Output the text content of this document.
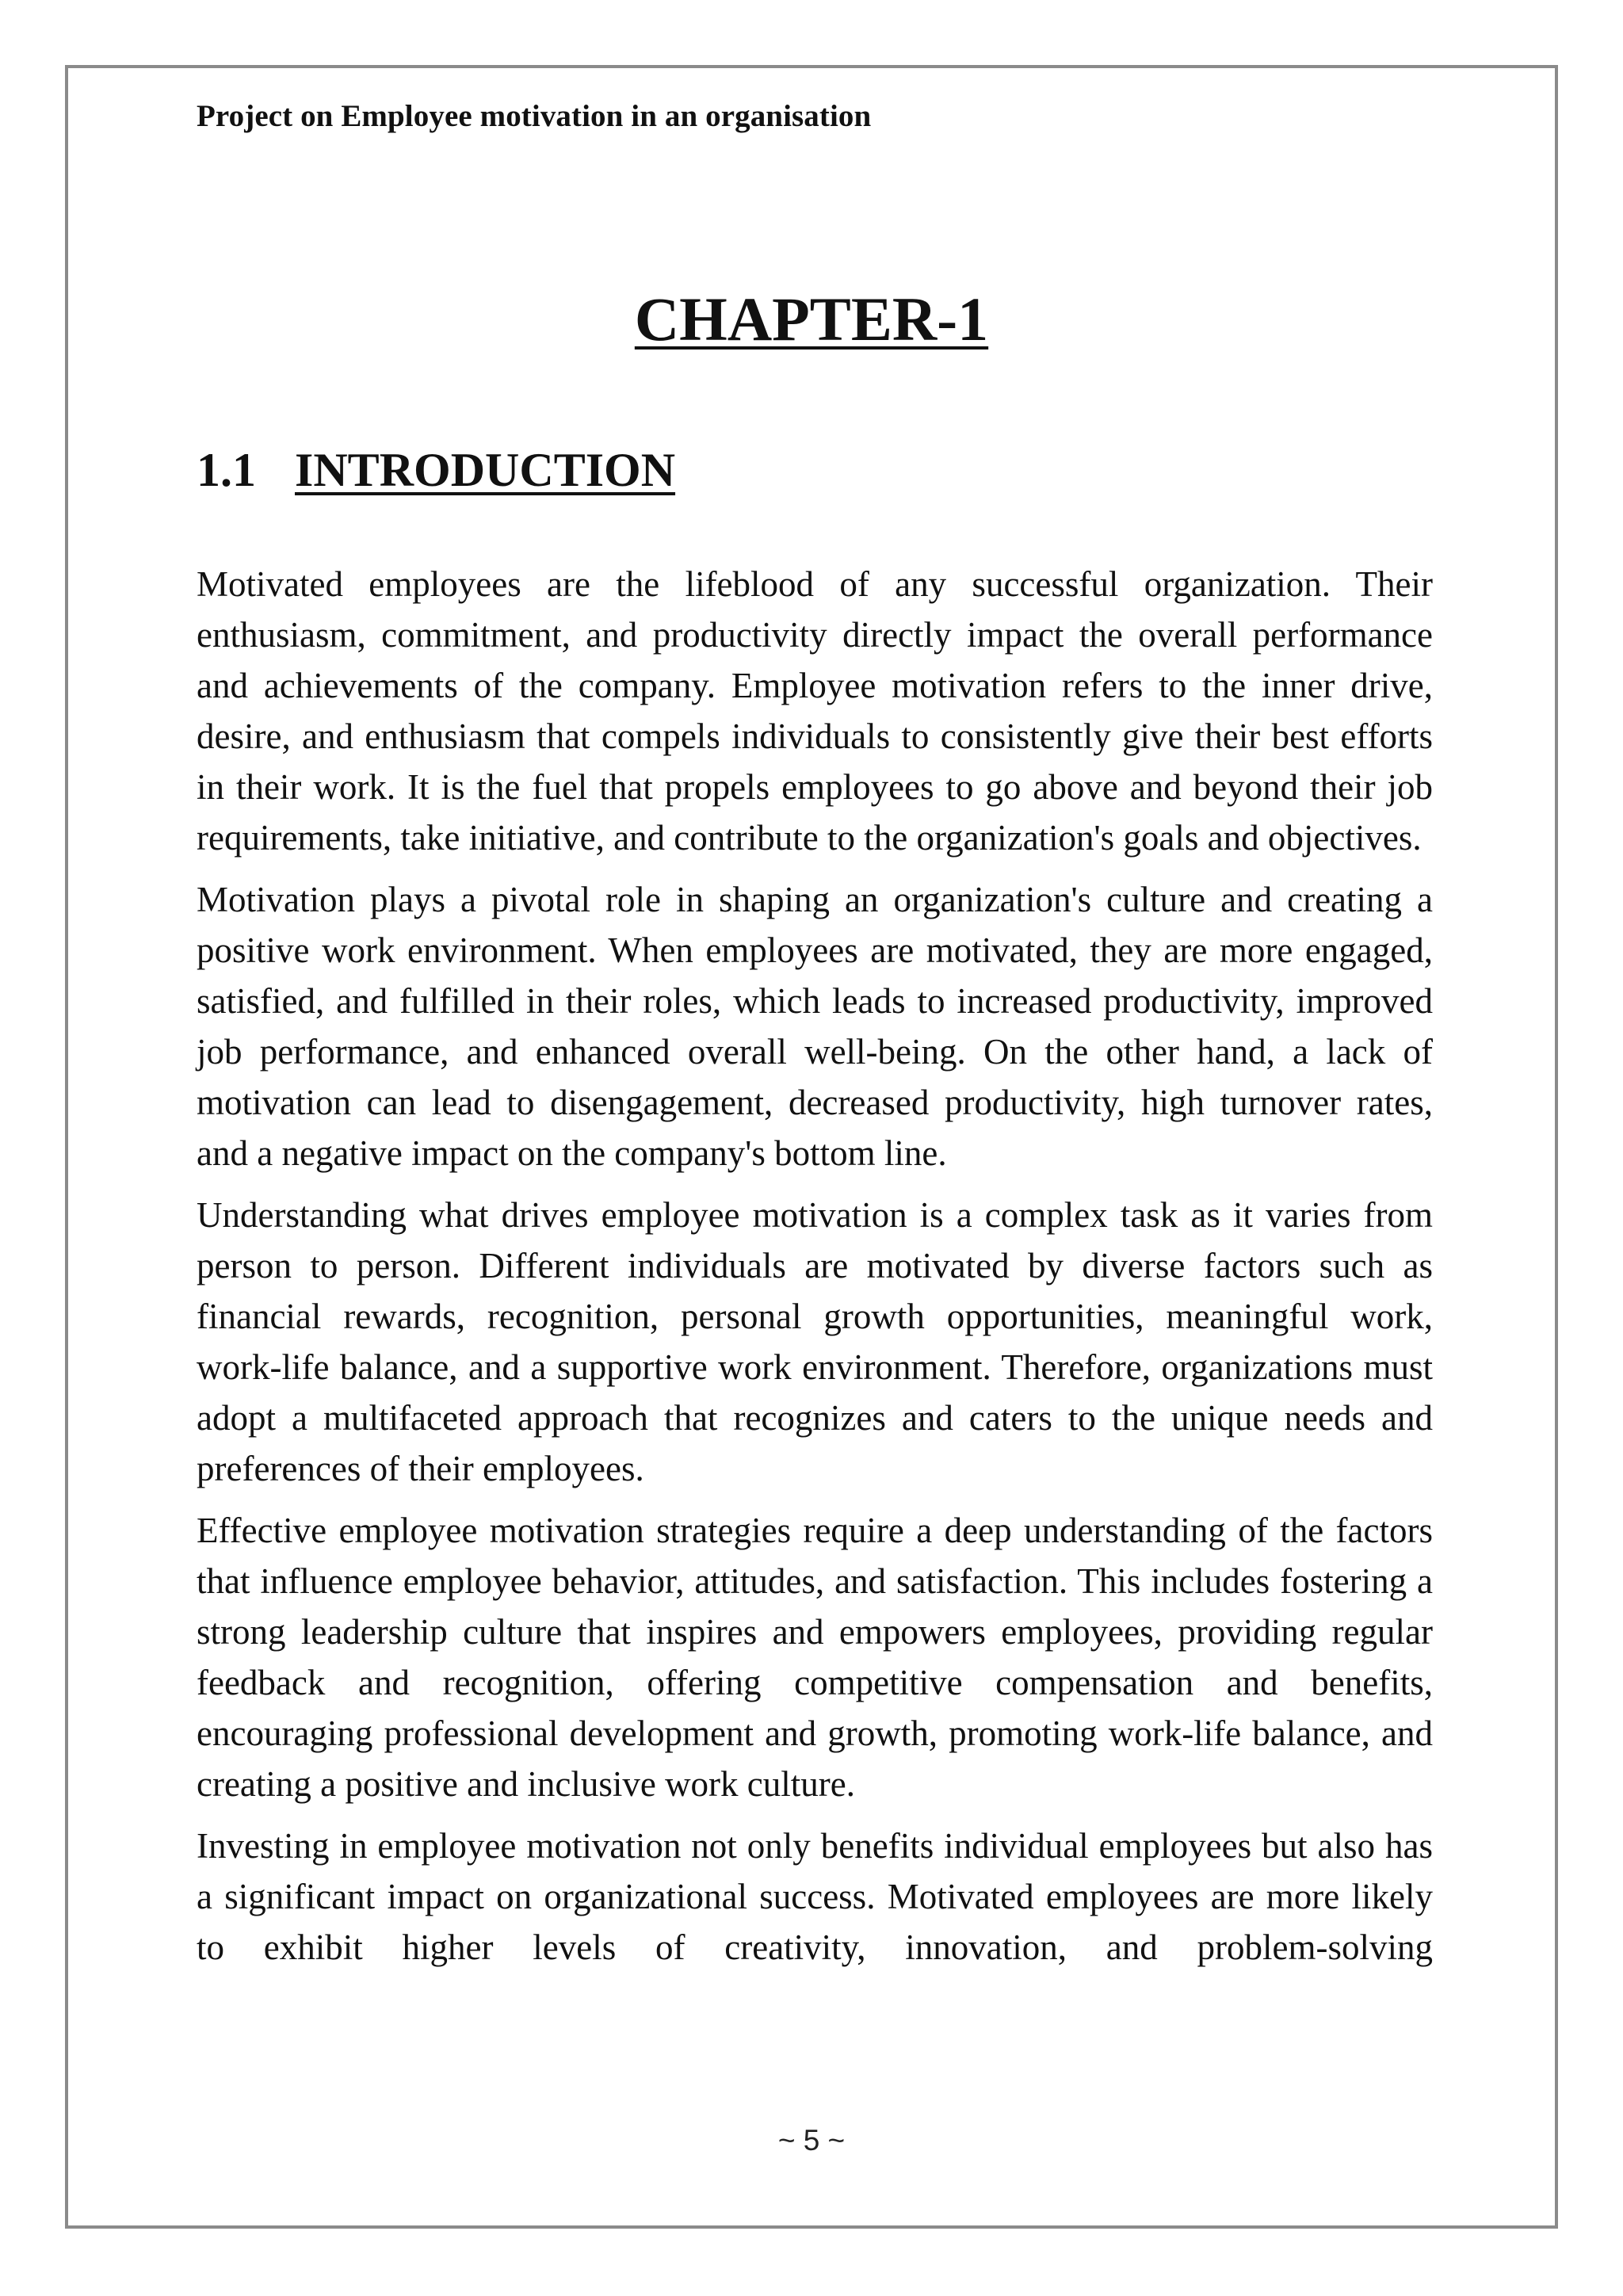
Project on Employee motivation in an organisation
CHAPTER-1
1.1 INTRODUCTION

Motivated employees are the lifeblood of any successful organization. Their enthusiasm, commitment, and productivity directly impact the overall performance and achievements of the company. Employee motivation refers to the inner drive, desire, and enthusiasm that compels individuals to consistently give their best efforts in their work. It is the fuel that propels employees to go above and beyond their job requirements, take initiative, and contribute to the organization's goals and objectives.

Motivation plays a pivotal role in shaping an organization's culture and creating a positive work environment. When employees are motivated, they are more engaged, satisfied, and fulfilled in their roles, which leads to increased productivity, improved job performance, and enhanced overall well-being. On the other hand, a lack of motivation can lead to disengagement, decreased productivity, high turnover rates, and a negative impact on the company's bottom line.

Understanding what drives employee motivation is a complex task as it varies from person to person. Different individuals are motivated by diverse factors such as financial rewards, recognition, personal growth opportunities, meaningful work, work-life balance, and a supportive work environment. Therefore, organizations must adopt a multifaceted approach that recognizes and caters to the unique needs and preferences of their employees.

Effective employee motivation strategies require a deep understanding of the factors that influence employee behavior, attitudes, and satisfaction. This includes fostering a strong leadership culture that inspires and empowers employees, providing regular feedback and recognition, offering competitive compensation and benefits, encouraging professional development and growth, promoting work-life balance, and creating a positive and inclusive work culture.

Investing in employee motivation not only benefits individual employees but also has a significant impact on organizational success. Motivated employees are more likely to exhibit higher levels of creativity, innovation, and problem-solving

~ 5 ~
